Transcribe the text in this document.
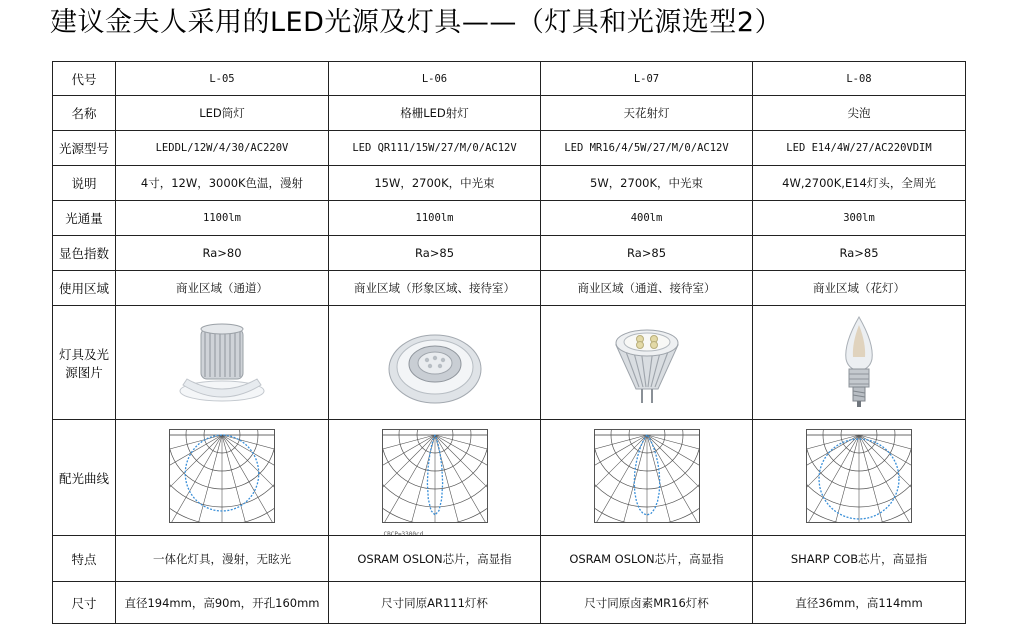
建议金夫人采用的LED光源及灯具——（灯具和光源选型2）
代号	L-05	L-06	L-07	L-08
名称	LED筒灯	格栅LED射灯	天花射灯	尖泡
光源型号	LEDDL/12W/4/30/AC220V	LED QR111/15W/27/M/0/AC12V	LED MR16/4/5W/27/M/0/AC12V	LED E14/4W/27/AC220VDIM
说明	4寸，12W，3000K色温，漫射	15W，2700K，中光束	5W，2700K，中光束	4W,2700K,E14灯头，全周光
光通量	1100lm	1100lm	400lm	300lm
显色指数	Ra>80	Ra>85	Ra>85	Ra>85
使用区域	商业区域（通道）	商业区域（形象区域、接待室）	商业区域（通道、接待室）	商业区域（花灯）
灯具及光源图片	

配光曲线		CBCP=3300cd

特点	一体化灯具，漫射，无眩光	OSRAM OSLON芯片，高显指	OSRAM OSLON芯片，高显指	SHARP COB芯片，高显指
尺寸	直径194mm，高90m，开孔160mm	尺寸同原AR111灯杯	尺寸同原卤素MR16灯杯	直径36mm，高114mm
